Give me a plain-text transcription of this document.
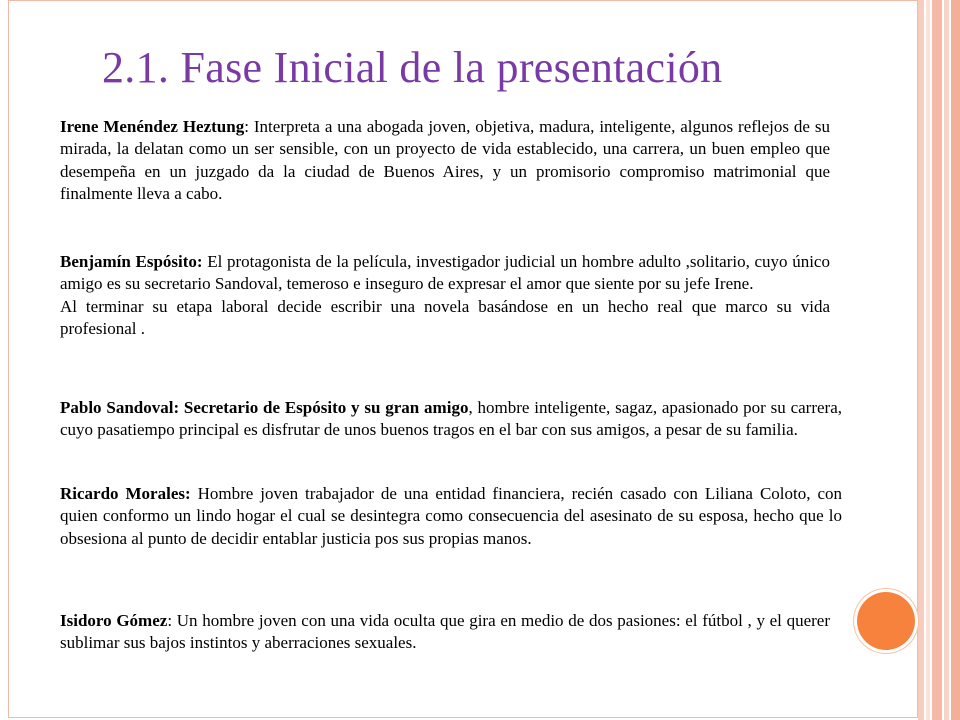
2.1. Fase Inicial de la presentación

Irene Menéndez Heztung: Interpreta a una abogada joven, objetiva, madura, inteligente, algunos reflejos de su mirada, la delatan como un ser sensible, con un proyecto de vida establecido, una carrera, un buen empleo que desempeña en un juzgado da la ciudad de Buenos Aires, y un promisorio compromiso matrimonial que finalmente lleva a cabo.

Benjamín Espósito: El protagonista de la película, investigador judicial un hombre adulto ,solitario, cuyo único amigo es su secretario Sandoval, temeroso e inseguro de expresar el amor que siente por su jefe Irene.
Al terminar su etapa laboral decide escribir una novela basándose en un hecho real que marco su vida profesional .

Pablo Sandoval: Secretario de Espósito y su gran amigo, hombre inteligente, sagaz, apasionado por su carrera, cuyo pasatiempo principal es disfrutar de unos buenos tragos en el bar con sus amigos, a pesar de su familia.

Ricardo Morales: Hombre joven trabajador de una entidad financiera, recién casado con Liliana Coloto, con quien conformo un lindo hogar el cual se desintegra como consecuencia del asesinato de su esposa, hecho que lo obsesiona al punto de decidir entablar justicia pos sus propias manos.

Isidoro Gómez: Un hombre joven con una vida oculta que gira en medio de dos pasiones: el fútbol , y el querer sublimar sus bajos instintos y aberraciones sexuales.
